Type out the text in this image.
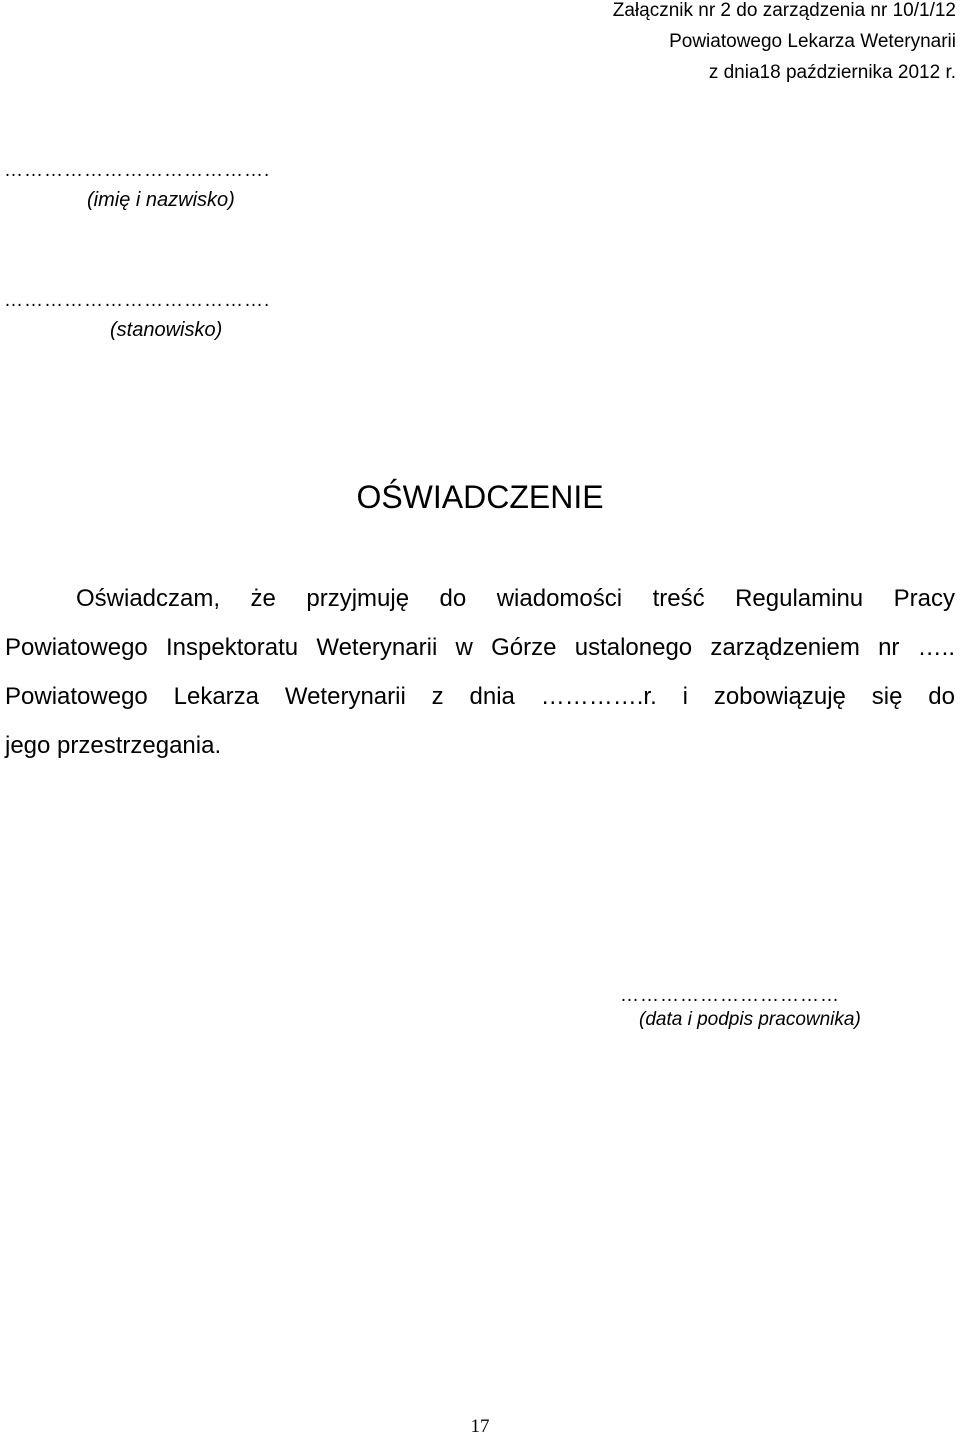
Załącznik nr 2 do zarządzenia nr 10/1/12
Powiatowego Lekarza Weterynarii
z dnia18 października 2012 r.
………………………………….
(imię i nazwisko)
………………………………….
(stanowisko)
OŚWIADCZENIE
Oświadczam, że przyjmuję do wiadomości treść Regulaminu Pracy
Powiatowego Inspektoratu Weterynarii w Górze ustalonego zarządzeniem nr …..
Powiatowego Lekarza Weterynarii z dnia ………….r. i zobowiązuję się do
jego przestrzegania.
……………………………
(data i podpis pracownika)
17
